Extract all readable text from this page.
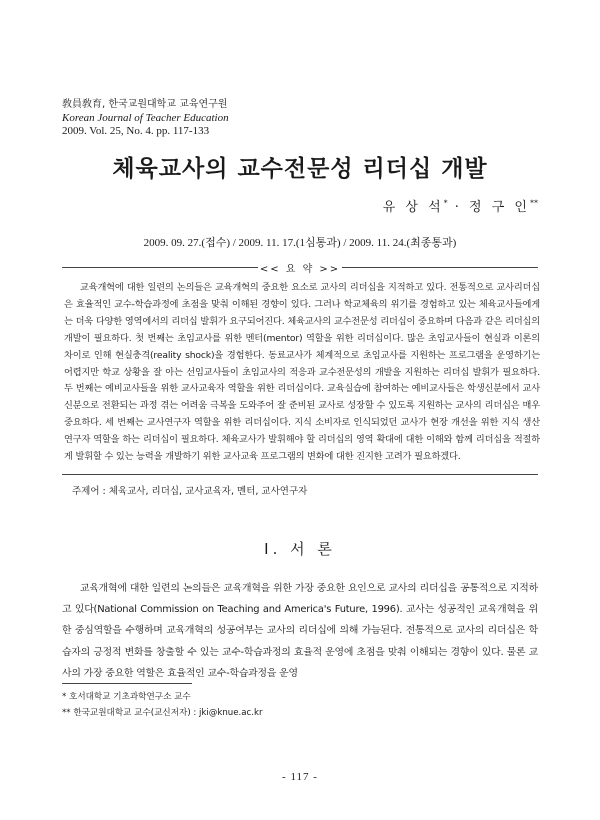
敎員敎育, 한국교원대학교 교육연구원
Korean Journal of Teacher Education
2009. Vol. 25, No. 4. pp. 117-133
체육교사의 교수전문성 리더십 개발
유 상 석* · 정 구 인**
2009. 09. 27.(접수) / 2009. 11. 17.(1심통과) / 2009. 11. 24.(최종통과)
<< 요 약 >>
교육개혁에 대한 일련의 논의들은 교육개혁의 중요한 요소로 교사의 리더십을 지적하고 있다. 전통적으로 교사리더십은 효율적인 교수-학습과정에 초점을 맞춰 이해된 경향이 있다. 그러나 학교체육의 위기를 경험하고 있는 체육교사들에게는 더욱 다양한 영역에서의 리더십 발휘가 요구되어진다. 체육교사의 교수전문성 리더십이 중요하며 다음과 같은 리더십의 개발이 필요하다. 첫 번째는 초임교사를 위한 멘터(mentor) 역할을 위한 리더십이다. 많은 초임교사들이 현실과 이론의 차이로 인해 현실충격(reality shock)을 경험한다. 동료교사가 체계적으로 초임교사를 지원하는 프로그램을 운영하기는 어렵지만 학교 상황을 잘 아는 선임교사들이 초임교사의 적응과 교수전문성의 개발을 지원하는 리더십 발휘가 필요하다. 두 번째는 예비교사들을 위한 교사교육자 역할을 위한 리더십이다. 교육실습에 참여하는 예비교사들은 학생신분에서 교사신분으로 전환되는 과정 겪는 어려움 극복을 도와주어 잘 준비된 교사로 성장할 수 있도록 지원하는 교사의 리더십은 매우 중요하다. 세 번째는 교사연구자 역할을 위한 리더십이다. 지식 소비자로 인식되었던 교사가 현장 개선을 위한 지식 생산 연구자 역할을 하는 리더십이 필요하다. 체육교사가 발휘해야 할 리더십의 영역 확대에 대한 이해와 함께 리더십을 적절하게 발휘할 수 있는 능력을 개발하기 위한 교사교육 프로그램의 변화에 대한 진지한 고려가 필요하겠다.
주제어 : 체육교사, 리더십, 교사교육자, 멘터, 교사연구자
Ⅰ. 서 론
교육개혁에 대한 일련의 논의들은 교육개혁을 위한 가장 중요한 요인으로 교사의 리더십을 공통적으로 지적하고 있다(National Commission on Teaching and America's Future, 1996). 교사는 성공적인 교육개혁을 위한 중심역할을 수행하며 교육개혁의 성공여부는 교사의 리더십에 의해 가늠된다. 전통적으로 교사의 리더십은 학습자의 긍정적 변화를 창출할 수 있는 교수-학습과정의 효율적 운영에 초점을 맞춰 이해되는 경향이 있다. 물론 교사의 가장 중요한 역할은 효율적인 교수-학습과정을 운영
* 호서대학교 기초과학연구소 교수
** 한국교원대학교 교수(교신저자) : jki@knue.ac.kr
- 117 -
